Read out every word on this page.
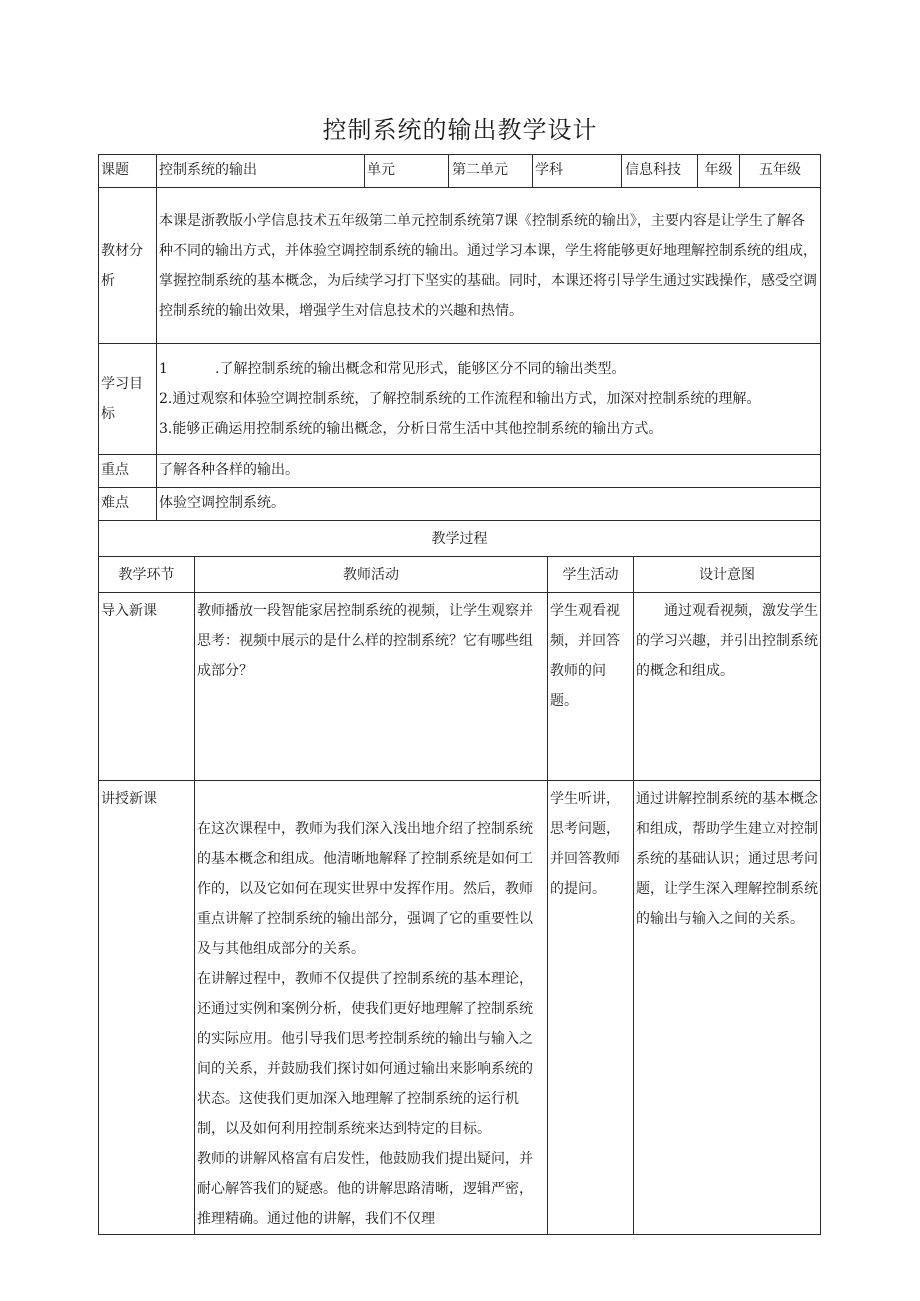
控制系统的输出教学设计
课题	控制系统的输出		单元	第二单元	学科		信息科技		年级	五年级
教材分析	本课是浙教版小学信息技术五年级第二单元控制系统第7课《控制系统的输出》，主要内容是让学生了解各种不同的输出方式，并体验空调控制系统的输出。通过学习本课，学生将能够更好地理解控制系统的组成，掌握控制系统的基本概念，为后续学习打下坚实的基础。同时，本课还将引导学生通过实践操作，感受空调控制系统的输出效果，增强学生对信息技术的兴趣和热情。									

学习目标	1 .了解控制系统的输出概念和常见形式，能够区分不同的输出类型。
2.通过观察和体验空调控制系统，了解控制系统的工作流程和输出方式，加深对控制系统的理解。
3.能够正确运用控制系统的输出概念，分析日常生活中其他控制系统的输出方式。									

重点	了解各种各样的输出。									
难点	体验空调控制系统。									
教学过程										
教学环节		教师活动				学生活动		设计意图		
导入新课		教师播放一段智能家居控制系统的视频，让学生观察并思考：视频中展示的是什么样的控制系统？它有哪些组成部分？				学生观看视频，并回答教师的问题。		通过观看视频，激发学生的学习兴趣，并引出控制系统的概念和组成。		
讲授新课		在这次课程中，教师为我们深入浅出地介绍了控制系统的基本概念和组成。他清晰地解释了控制系统是如何工作的，以及它如何在现实世界中发挥作用。然后，教师重点讲解了控制系统的输出部分，强调了它的重要性以及与其他组成部分的关系。

在讲解过程中，教师不仅提供了控制系统的基本理论，还通过实例和案例分析，使我们更好地理解了控制系统的实际应用。他引导我们思考控制系统的输出与输入之间的关系，并鼓励我们探讨如何通过输出来影响系统的状态。这使我们更加深入地理解了控制系统的运行机制，以及如何利用控制系统来达到特定的目标。

教师的讲解风格富有启发性，他鼓励我们提出疑问，并耐心解答我们的疑惑。他的讲解思路清晰，逻辑严密，推理精确。通过他的讲解，我们不仅理				学生听讲，思考问题，并回答教师的提问。		通过讲解控制系统的基本概念和组成，帮助学生建立对控制系统的基础认识；通过思考问题，让学生深入理解控制系统的输出与输入之间的关系。		
